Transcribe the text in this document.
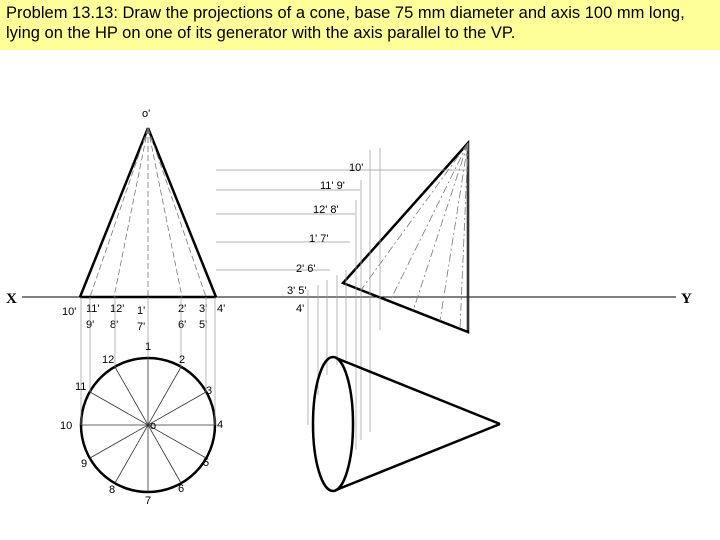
Problem 13.13: Draw the projections of a cone, base 75 mm diameter and axis 100 mm long, lying on the HP on one of its generator with the axis parallel to the VP.

X	Y
o'
10' 11' 12' 1'	2' 3' 4'
9' 8' 7'	6' 5'
1
2
3
4
5
6
7
8
9
10
11
12
o
10'
11' 9'
12' 8'
1' 7'
2' 6'
3' 5'
4'
